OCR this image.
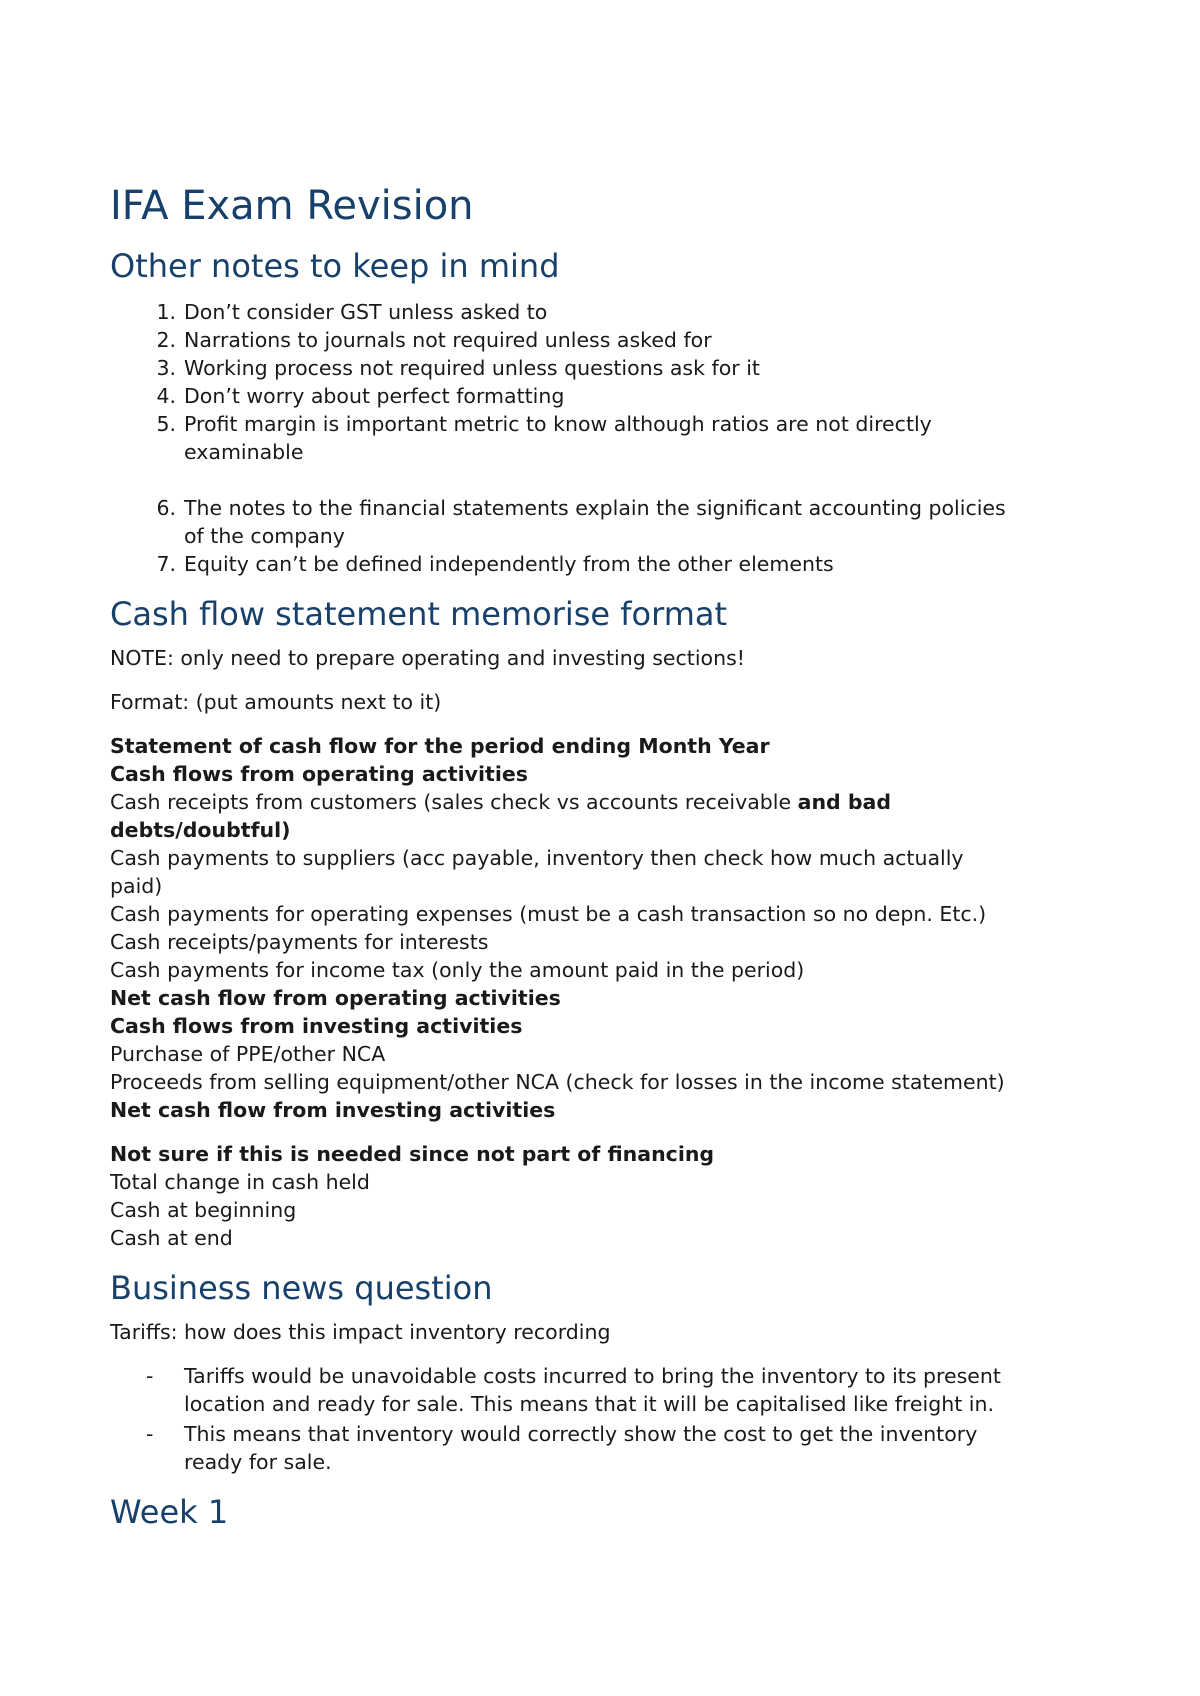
IFA Exam Revision
Other notes to keep in mind
1. Don’t consider GST unless asked to
2. Narrations to journals not required unless asked for
3. Working process not required unless questions ask for it
4. Don’t worry about perfect formatting
5. Profit margin is important metric to know although ratios are not directly
examinable
6. The notes to the financial statements explain the significant accounting policies
of the company
7. Equity can’t be defined independently from the other elements
Cash flow statement memorise format

NOTE: only need to prepare operating and investing sections!

Format: (put amounts next to it)

Statement of cash flow for the period ending Month Year

Cash flows from operating activities

Cash receipts from customers (sales check vs accounts receivable and bad

debts/doubtful)

Cash payments to suppliers (acc payable, inventory then check how much actually

paid)

Cash payments for operating expenses (must be a cash transaction so no depn. Etc.)

Cash receipts/payments for interests

Cash payments for income tax (only the amount paid in the period)

Net cash flow from operating activities

Cash flows from investing activities

Purchase of PPE/other NCA

Proceeds from selling equipment/other NCA (check for losses in the income statement)

Net cash flow from investing activities

Not sure if this is needed since not part of financing

Total change in cash held

Cash at beginning

Cash at end

Business news question

Tariffs: how does this impact inventory recording

- Tariffs would be unavoidable costs incurred to bring the inventory to its present
location and ready for sale. This means that it will be capitalised like freight in.
- This means that inventory would correctly show the cost to get the inventory
ready for sale.
Week 1
